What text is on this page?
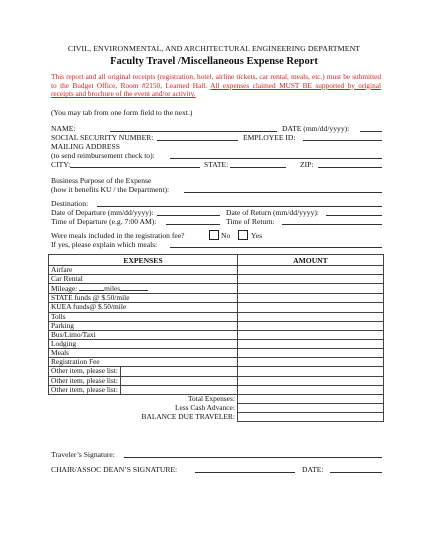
CIVIL, ENVIRONMENTAL, AND ARCHITECTURAL ENGINEERING DEPARTMENT
Faculty Travel /Miscellaneous Expense Report
This report and all original receipts (registration, hotel, airline tickets, car rental, meals, etc.) must be submitted to the Budget Office, Room #2150, Learned Hall. All expenses claimed MUST BE supported by original receipts and brochure of the event and/or activity.
(You may tab from one form field to the next.)
NAME:	DATE (mm/dd/yyyy):
SOCIAL SECURITY NUMBER:	EMPLOYEE ID:
MAILING ADDRESS
(to send reimbursement check to):
CITY:	STATE:	ZIP:
Business Purpose of the Expense
(how it benefits KU / the Department):
Destination:
Date of Departure (mm/dd/yyyy):	Date of Return (mm/dd/yyyy):
Time of Departure (e.g. 7:00 AM):	Time of Return:
Were meals included in the registration fee?	No	Yes
If yes, please explain which meals:
EXPENSES		AMOUNT
Airfare		
Car Rental		
Mileage: miles		
STATE funds @ $.50/mile		
KUEA funds@ $.50/mile		
Tolls		
Parking		
Bus/Limo/Taxi		
Lodging		
Meals		
Registration Fee		
Other item, please list:		
Other item, please list:		
Other item, please list:		
	Total Expenses:	
	Less Cash Advance:	
	BALANCE DUE TRAVELER:	
Traveler’s Signature:
CHAIR/ASSOC DEAN’S SIGNATURE:	DATE:
